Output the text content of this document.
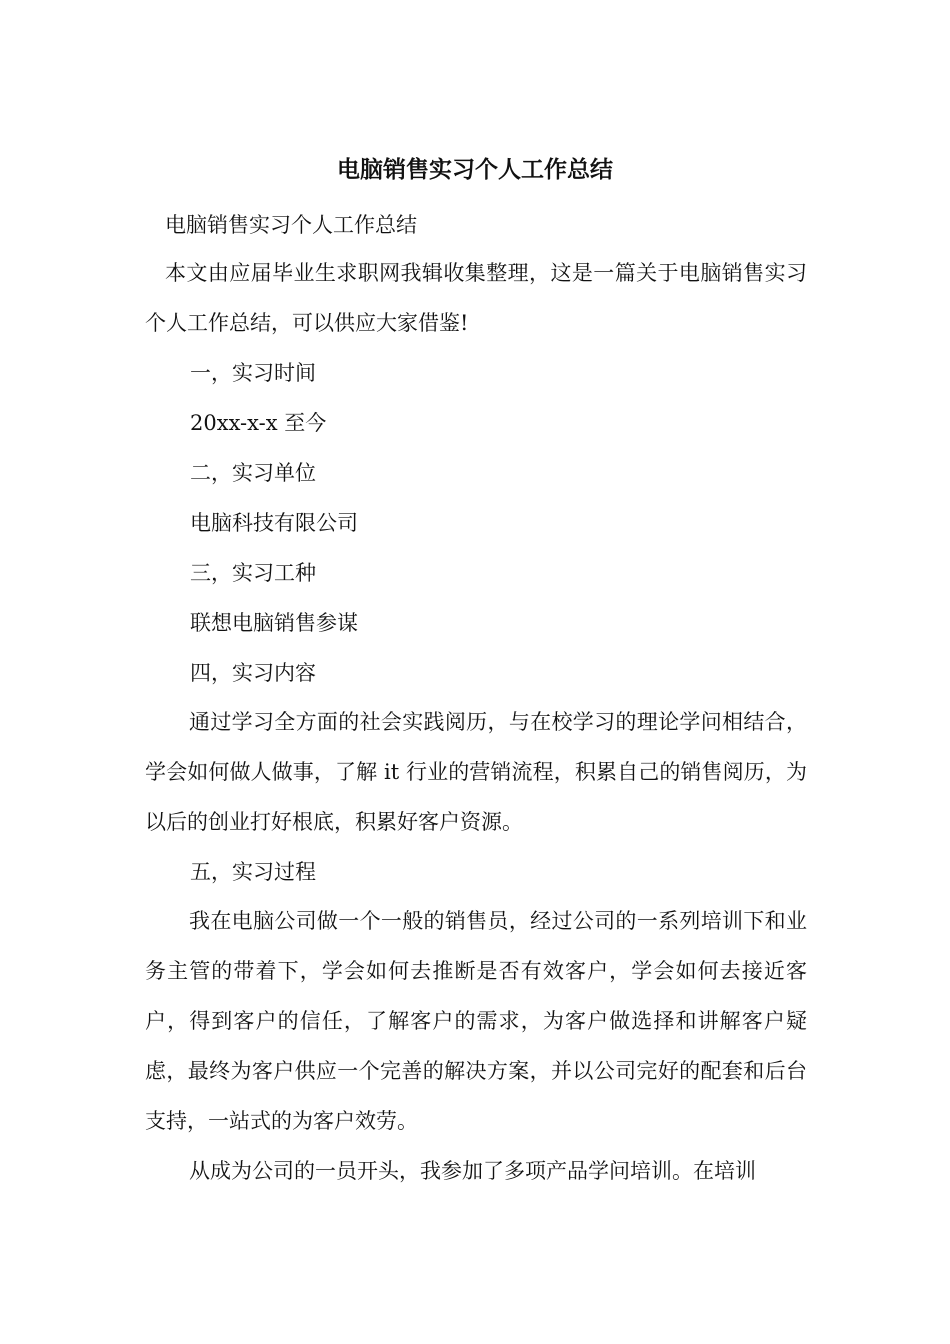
电脑销售实习个人工作总结
电脑销售实习个人工作总结
本文由应届毕业生求职网我辑收集整理，这是一篇关于电脑销售实习个人工作总结，可以供应大家借鉴!
一，实习时间
20xx-x-x 至今
二，实习单位
电脑科技有限公司
三，实习工种
联想电脑销售参谋
四，实习内容
通过学习全方面的社会实践阅历，与在校学习的理论学问相结合，学会如何做人做事，了解 it 行业的营销流程，积累自己的销售阅历，为以后的创业打好根底，积累好客户资源。
五，实习过程
我在电脑公司做一个一般的销售员，经过公司的一系列培训下和业务主管的带着下，学会如何去推断是否有效客户，学会如何去接近客户，得到客户的信任，了解客户的需求，为客户做选择和讲解客户疑虑，最终为客户供应一个完善的解决方案，并以公司完好的配套和后台支持，一站式的为客户效劳。
从成为公司的一员开头，我参加了多项产品学问培训。在培训
